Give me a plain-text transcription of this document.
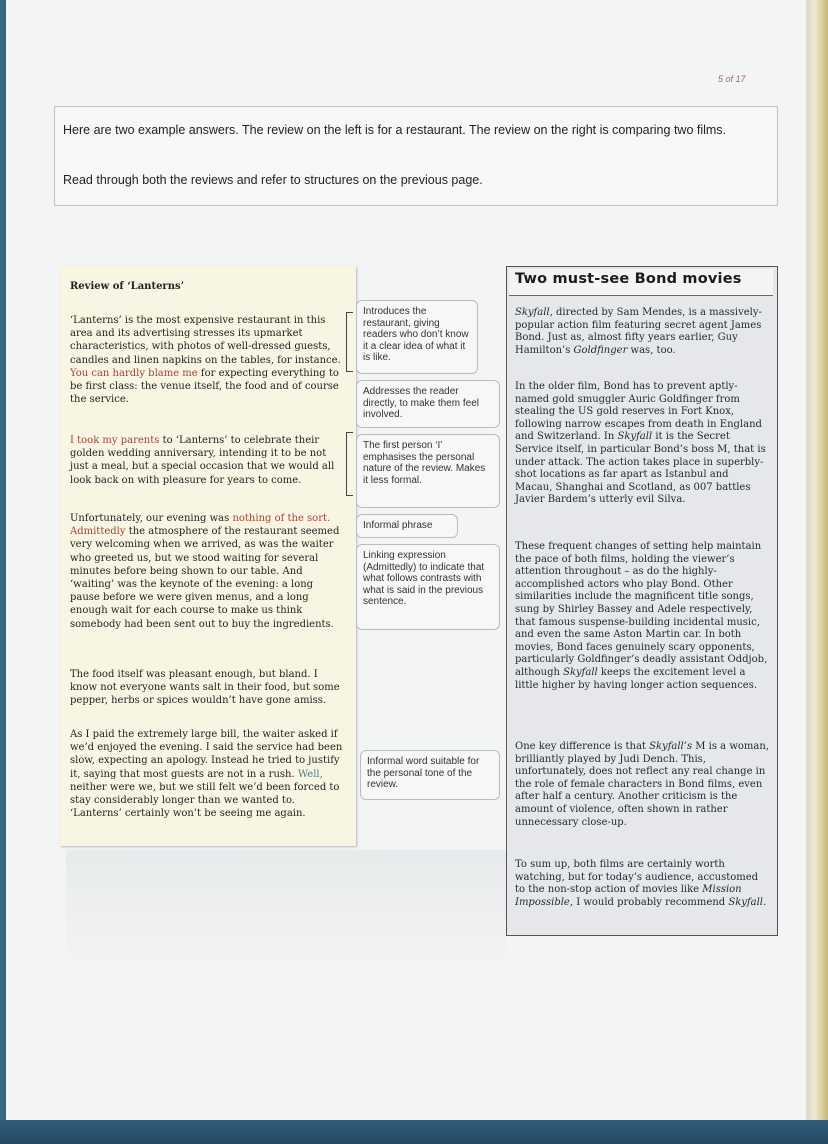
5 of 17
Here are two example answers. The review on the left is for a restaurant. The review on the right is comparing two films.
Read through both the reviews and refer to structures on the previous page.
Review of ‘Lanterns’
‘Lanterns’ is the most expensive restaurant in this area and its advertising stresses its upmarket characteristics, with photos of well-dressed guests, candles and linen napkins on the tables, for instance. You can hardly blame me for expecting everything to be first class: the venue itself, the food and of course the service.
I took my parents to ‘Lanterns’ to celebrate their golden wedding anniversary, intending it to be not just a meal, but a special occasion that we would all look back on with pleasure for years to come.
Unfortunately, our evening was nothing of the sort. Admittedly the atmosphere of the restaurant seemed very welcoming when we arrived, as was the waiter who greeted us, but we stood waiting for several minutes before being shown to our table. And ‘waiting’ was the keynote of the evening: a long pause before we were given menus, and a long enough wait for each course to make us think somebody had been sent out to buy the ingredients.
The food itself was pleasant enough, but bland. I know not everyone wants salt in their food, but some pepper, herbs or spices wouldn’t have gone amiss.
As I paid the extremely large bill, the waiter asked if we’d enjoyed the evening. I said the service had been slow, expecting an apology. Instead he tried to justify it, saying that most guests are not in a rush. Well, neither were we, but we still felt we’d been forced to stay considerably longer than we wanted to. ‘Lanterns’ certainly won’t be seeing me again.
Introduces the restaurant, giving readers who don’t know it a clear idea of what it is like.
Addresses the reader directly, to make them feel involved.
The first person ‘I’ emphasises the personal nature of the review. Makes it less formal.
Informal phrase
Linking expression (Admittedly) to indicate that what follows contrasts with what is said in the previous sentence.
Informal word suitable for the personal tone of the review.
Two must-see Bond movies
Skyfall, directed by Sam Mendes, is a massively-popular action film featuring secret agent James Bond. Just as, almost fifty years earlier, Guy Hamilton’s Goldfinger was, too.
In the older film, Bond has to prevent aptly-named gold smuggler Auric Goldfinger from stealing the US gold reserves in Fort Knox, following narrow escapes from death in England and Switzerland. In Skyfall it is the Secret Service itself, in particular Bond’s boss M, that is under attack. The action takes place in superbly-shot locations as far apart as Istanbul and Macau, Shanghai and Scotland, as 007 battles Javier Bardem’s utterly evil Silva.
These frequent changes of setting help maintain the pace of both films, holding the viewer’s attention throughout – as do the highly-accomplished actors who play Bond. Other similarities include the magnificent title songs, sung by Shirley Bassey and Adele respectively, that famous suspense-building incidental music, and even the same Aston Martin car. In both movies, Bond faces genuinely scary opponents, particularly Goldfinger’s deadly assistant Oddjob, although Skyfall keeps the excitement level a little higher by having longer action sequences.
One key difference is that Skyfall’s M is a woman, brilliantly played by Judi Dench. This, unfortunately, does not reflect any real change in the role of female characters in Bond films, even after half a century. Another criticism is the amount of violence, often shown in rather unnecessary close-up.
To sum up, both films are certainly worth watching, but for today’s audience, accustomed to the non-stop action of movies like Mission Impossible, I would probably recommend Skyfall.
